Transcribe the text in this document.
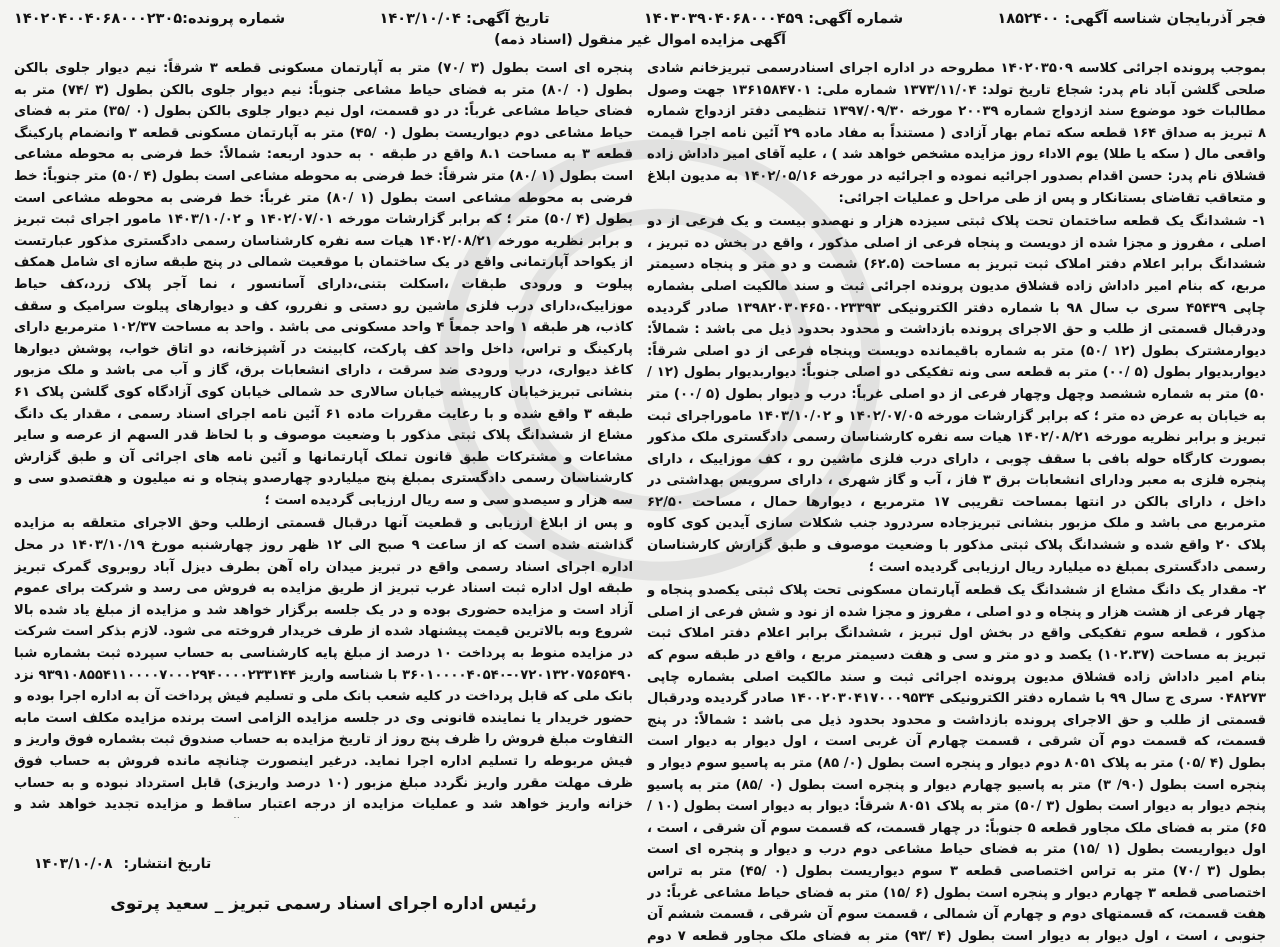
فجر آذربایجان شناسه آگهی: ۱۸۵۲۴۰۰
شماره آگهی: ۱۴۰۳۰۳۹۰۴۰۶۸۰۰۰۴۵۹
تاریخ آگهی: ۱۴۰۳/۱۰/۰۴
شماره پرونده:۱۴۰۲۰۴۰۰۴۰۶۸۰۰۰۲۳۰۵
آگهی مزایده اموال غیر منقول (اسناد ذمه)

بموجب پرونده اجرائی کلاسه ۱۴۰۲۰۳۵۰۹ مطروحه در اداره اجرای اسنادرسمی تبریزخانم شادی صلحی گلشن آباد نام پدر: شجاع تاریخ تولد: ۱۳۷۳/۱۱/۰۴ شماره ملی: ۱۳۶۱۵۸۴۷۰۱ جهت وصول مطالبات خود موضوع سند ازدواج شماره ۲۰۰۳۹ مورخه ۱۳۹۷/۰۹/۳۰ تنظیمی دفتر ازدواج شماره ۸ تبریز به صداق ۱۶۴ قطعه سکه تمام بهار آزادی ( مستنداً به مفاد ماده ۲۹ آئین نامه اجرا قیمت واقعی مال ( سکه یا طلا) یوم الاداء روز مزایده مشخص خواهد شد ) ، علیه آقای امیر داداش زاده قشلاق نام پدر: حسن اقدام بصدور اجرائیه نموده و اجرائیه در مورخه ۱۴۰۲/۰۵/۱۶ به مدیون ابلاغ و متعاقب تقاضای بستانکار و پس از طی مراحل و عملیات اجرائی:

۱- ششدانگ یک قطعه ساختمان تحت پلاک ثبتی سیزده هزار و نهصدو بیست و یک فرعی از دو اصلی ، مفروز و مجزا شده از دویست و پنجاه فرعی از اصلی مذکور ، واقع در بخش ده تبریز ، ششدانگ برابر اعلام دفتر املاک ثبت تبریز به مساحت (۶۲.۵) شصت و دو متر و پنجاه دسیمتر مربع، که بنام امیر داداش زاده قشلاق مدیون پرونده اجرائی ثبت و سند مالکیت اصلی بشماره چاپی ۴۵۴۳۹ سری ب سال ۹۸ با شماره دفتر الکترونیکی ۱۳۹۸۲۰۳۰۴۶۵۰۰۲۳۳۹۳ صادر گردیده ودرقبال قسمتی از طلب و حق الاجرای پرونده بازداشت و محدود بحدود ذیل می باشد : شمالاً: دیوارمشترک بطول (۱۲ /۵۰) متر به شماره باقیمانده دویست وپنجاه فرعی از دو اصلی شرقاً: دیواربدیوار بطول (۵ /۰۰) متر به قطعه سی ونه تفکیکی دو اصلی جنوباً: دیواربدیوار بطول (۱۲ /۵۰) متر به شماره ششصد وچهل وچهار فرعی از دو اصلی غرباً: درب و دیوار بطول (۵ /۰۰) متر به خیابان به عرض ده متر ؛ که برابر گزارشات مورخه ۱۴۰۲/۰۷/۰۵ و ۱۴۰۳/۱۰/۰۲ ماموراجرای ثبت تبریز و برابر نظریه مورخه ۱۴۰۲/۰۸/۲۱ هیات سه نفره کارشناسان رسمی دادگستری ملک مذکور بصورت کارگاه حوله بافی با سقف چوبی ، دارای درب فلزی ماشین رو ، کف موزاییک ، دارای پنجره فلزی به معبر ودارای انشعابات برق ۳ فاز ، آب و گاز شهری ، دارای سرویس بهداشتی در داخل ، دارای بالکن در انتها بمساحت تقریبی ۱۷ مترمربع ، دیوارها حمال ، مساحت ۶۲/۵۰ مترمربع می باشد و ملک مزبور بنشانی تبریزجاده سردرود جنب شکلات سازی آیدین کوی کاوه پلاک ۲۰ واقع شده و ششدانگ پلاک ثبتی مذکور با وضعیت موصوف و طبق گزارش کارشناسان رسمی دادگستری بمبلغ ده میلیارد ریال ارزیابی گردیده است ؛

۲- مقدار یک دانگ مشاع از ششدانگ یک قطعه آپارتمان مسکونی تحت پلاک ثبتی یکصدو پنجاه و چهار فرعی از هشت هزار و پنجاه و دو اصلی ، مفروز و مجزا شده از نود و شش فرعی از اصلی مذکور ، قطعه سوم تفکیکی واقع در بخش اول تبریز ، ششدانگ برابر اعلام دفتر املاک ثبت تبریز به مساحت (۱۰۲.۳۷) یکصد و دو متر و سی و هفت دسیمتر مربع ، واقع در طبقه سوم که بنام امیر داداش زاده قشلاق مدیون پرونده اجرائی ثبت و سند مالکیت اصلی بشماره چاپی ۰۴۸۲۷۳ سری ج سال ۹۹ با شماره دفتر الکترونیکی ۱۴۰۰۲۰۳۰۴۱۷۰۰۰۹۵۳۴ صادر گردیده ودرقبال قسمتی از طلب و حق الاجرای پرونده بازداشت و محدود بحدود ذیل می باشد : شمالاً: در پنج قسمت، که قسمت دوم آن شرقی ، قسمت چهارم آن غربی است ، اول دیوار به دیوار است بطول (۴ /۰۵) متر به پلاک ۸۰۵۱ دوم دیوار و پنجره است بطول (۰/ ۸۵) متر به پاسیو سوم دیوار و پنجره است بطول (۹۰/ ۳) متر به پاسیو چهارم دیوار و پنجره است بطول (۰ /۸۵) متر به پاسیو پنجم دیوار به دیوار است بطول (۳ /۵۰) متر به پلاک ۸۰۵۱ شرقاً: دیوار به دیوار است بطول (۱۰ /۶۵) متر به فضای ملک مجاور قطعه ۵ جنوباً: در چهار قسمت، که قسمت سوم آن شرقی ، است ، اول دیواریست بطول (۱ /۱۵) متر به فضای حیاط مشاعی دوم درب و دیوار و پنجره ای است بطول (۳ /۷۰) متر به تراس اختصاصی قطعه ۳ سوم دیواریست بطول (۰ /۴۵) متر به تراس اختصاصی قطعه ۳ چهارم دیوار و پنجره است بطول (۶ /۱۵) متر به فضای حیاط مشاعی غرباً: در هفت قسمت، که قسمتهای دوم و چهارم آن شمالی ، قسمت سوم آن شرقی ، قسمت ششم آن جنوبی ، است ، اول دیوار به دیوار است بطول (۴ /۹۳) متر به فضای ملک مجاور قطعه ۷ دوم

پنجره ای است بطول (۳ /۷۰) متر به آپارتمان مسکونی قطعه ۳ شرقاً: نیم دیوار جلوی بالکن بطول (۰ /۸۰) متر به فضای حیاط مشاعی جنوباً: نیم دیوار جلوی بالکن بطول (۳ /۷۴) متر به فضای حیاط مشاعی غرباً: در دو قسمت، اول نیم دیوار جلوی بالکن بطول (۰ /۳۵) متر به فضای حیاط مشاعی دوم دیواریست بطول (۰ /۴۵) متر به آپارتمان مسکونی قطعه ۳ وانضمام پارکینگ قطعه ۳ به مساحت ۸.۱ واقع در طبقه ۰ به حدود اربعه: شمالاً: خط فرضی به محوطه مشاعی است بطول (۱ /۸۰) متر شرقاً: خط فرضی به محوطه مشاعی است بطول (۴ /۵۰) متر جنوباً: خط فرضی به محوطه مشاعی است بطول (۱ /۸۰) متر غرباً: خط فرضی به محوطه مشاعی است بطول (۴ /۵۰) متر ؛ که برابر گزارشات مورخه ۱۴۰۲/۰۷/۰۱ و ۱۴۰۳/۱۰/۰۲ مامور اجرای ثبت تبریز و برابر نظریه مورخه ۱۴۰۲/۰۸/۲۱ هیات سه نفره کارشناسان رسمی دادگستری مذکور عبارتست از یکواحد آپارتمانی واقع در یک ساختمان با موقعیت شمالی در پنج طبقه سازه ای شامل همکف پیلوت و ورودی طبقات ،اسکلت بتنی،دارای آسانسور ، نما آجر پلاک زرد،کف حیاط موزاییک،دارای درب فلزی ماشین رو دستی و نفررو، کف و دیوارهای پیلوت سرامیک و سقف کاذب، هر طبقه ۱ واحد جمعاً ۴ واحد مسکونی می باشد . واحد به مساحت ۱۰۲/۳۷ مترمربع دارای پارکینگ و تراس، داخل واحد کف پارکت، کابینت در آشپزخانه، دو اتاق خواب، پوشش دیوارها کاغذ دیواری، درب ورودی ضد سرقت ، دارای انشعابات برق، گاز و آب می باشد و ملک مزبور بنشانی تبریزخیابان کارپیشه خیابان سالاری حد شمالی خیابان کوی آزادگاه کوی گلشن پلاک ۶۱ طبقه ۳ واقع شده و با رعایت مقررات ماده ۶۱ آئین نامه اجرای اسناد رسمی ، مقدار یک دانگ مشاع از ششدانگ پلاک ثبتی مذکور با وضعیت موصوف و با لحاظ قدر السهم از عرصه و سایر مشاعات و مشترکات طبق قانون تملک آپارتمانها و آئین نامه های اجرائی آن و طبق گزارش کارشناسان رسمی دادگستری بمبلغ پنج میلیاردو چهارصدو پنجاه و نه میلیون و هفتصدو سی و سه هزار و سیصدو سی و سه ریال ارزیابی گردیده است ؛

و پس از ابلاغ ارزیابی و قطعیت آنها درقبال قسمتی ازطلب وحق الاجرای متعلقه به مزایده گذاشته شده است که از ساعت ۹ صبح الی ۱۲ ظهر روز چهارشنبه مورخ ۱۴۰۳/۱۰/۱۹ در محل اداره اجرای اسناد رسمی واقع در تبریز میدان راه آهن بطرف دیزل آباد روبروی گمرک تبریز طبقه اول اداره ثبت اسناد غرب تبریز از طریق مزایده به فروش می رسد و شرکت برای عموم آزاد است و مزایده حضوری بوده و در یک جلسه برگزار خواهد شد و مزایده از مبلغ یاد شده بالا شروع وبه بالاترین قیمت پیشنهاد شده از طرف خریدار فروخته می شود. لازم بذکر است شرکت در مزایده منوط به پرداخت ۱۰ درصد از مبلغ پایه کارشناسی به حساب سپرده ثبت بشماره شبا ۰۷۲۰۱۳۲۰۷۵۶۵۴۹۰-۳۶۰۱۰۰۰۰۴۰۵۴۰ با شناسه واریز ۹۳۹۱۰۸۵۵۴۱۱۰۰۰۰۷۰۰۰۲۹۴۰۰۰۰۲۳۳۱۴۴ نزد بانک ملی که قابل پرداخت در کلیه شعب بانک ملی و تسلیم فیش پرداخت آن به اداره اجرا بوده و حضور خریدار یا نماینده قانونی وی در جلسه مزایده الزامی است برنده مزایده مکلف است مابه التفاوت مبلغ فروش را ظرف پنج روز از تاریخ مزایده به حساب صندوق ثبت بشماره فوق واریز و فیش مربوطه را تسلیم اداره اجرا نماید. درغیر اینصورت چنانچه مانده فروش به حساب فوق ظرف مهلت مقرر واریز نگردد مبلغ مزبور (۱۰ درصد واریزی) قابل استرداد نبوده و به حساب خزانه واریز خواهد شد و عملیات مزایده از درجه اعتبار ساقط و مزایده تجدید خواهد شد و

تاریخ انتشار: ۱۴۰۳/۱۰/۰۸
رئیس اداره اجرای اسناد رسمی تبریز _ سعید پرتوی
